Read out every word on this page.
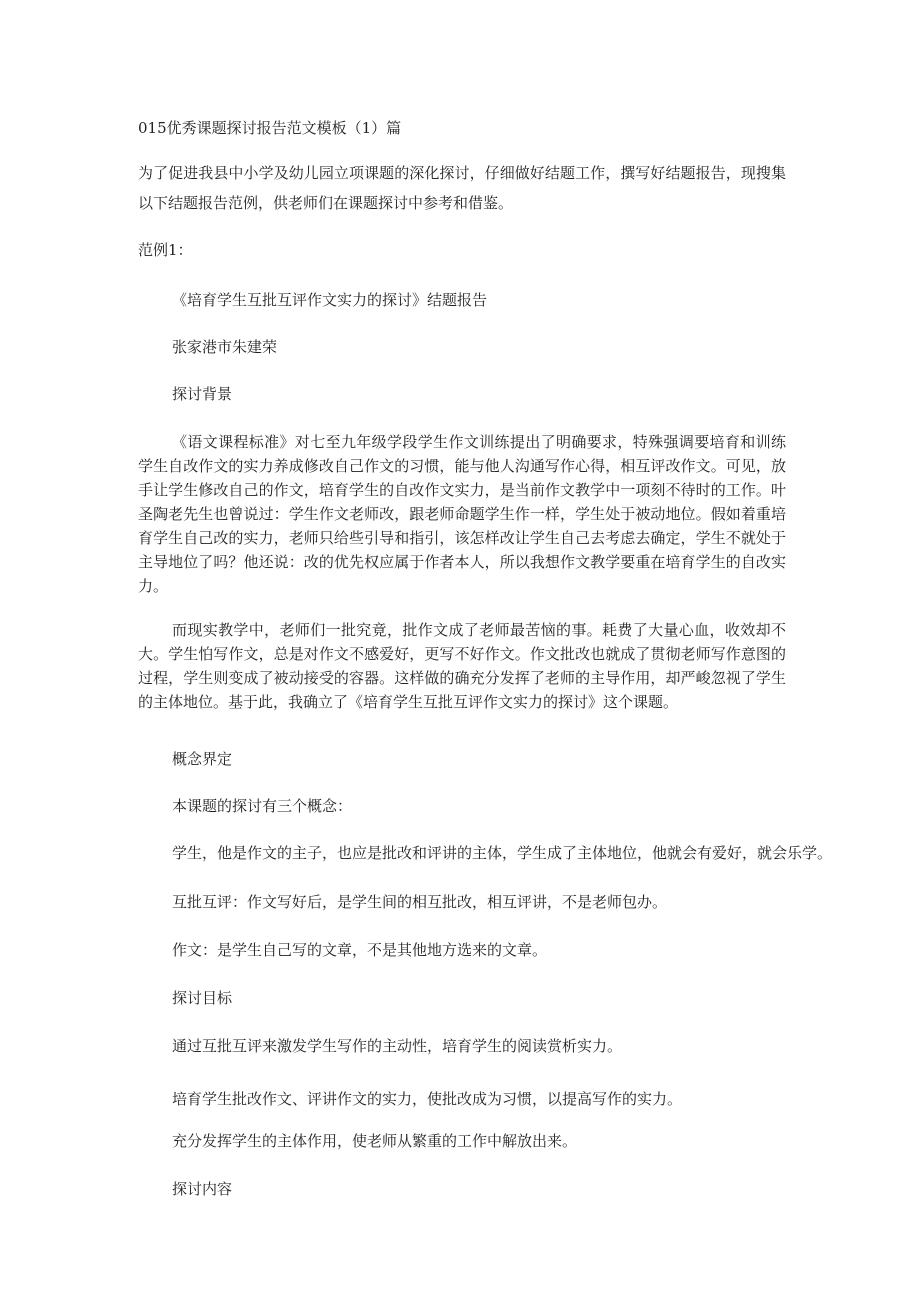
015优秀课题探讨报告范文模板（1）篇
为了促进我县中小学及幼儿园立项课题的深化探讨，仔细做好结题工作，撰写好结题报告，现搜集以下结题报告范例，供老师们在课题探讨中参考和借鉴。
范例1：
《培育学生互批互评作文实力的探讨》结题报告
张家港市朱建荣
探讨背景
《语文课程标准》对七至九年级学段学生作文训练提出了明确要求，特殊强调要培育和训练学生自改作文的实力养成修改自己作文的习惯，能与他人沟通写作心得，相互评改作文。可见，放手让学生修改自己的作文，培育学生的自改作文实力，是当前作文教学中一项刻不待时的工作。叶圣陶老先生也曾说过：学生作文老师改，跟老师命题学生作一样，学生处于被动地位。假如着重培育学生自己改的实力，老师只给些引导和指引，该怎样改让学生自己去考虑去确定，学生不就处于主导地位了吗？他还说：改的优先权应属于作者本人，所以我想作文教学要重在培育学生的自改实力。
而现实教学中，老师们一批究竟，批作文成了老师最苦恼的事。耗费了大量心血，收效却不大。学生怕写作文，总是对作文不感爱好，更写不好作文。作文批改也就成了贯彻老师写作意图的过程，学生则变成了被动接受的容器。这样做的确充分发挥了老师的主导作用，却严峻忽视了学生的主体地位。基于此，我确立了《培育学生互批互评作文实力的探讨》这个课题。
概念界定
本课题的探讨有三个概念：
学生，他是作文的主子，也应是批改和评讲的主体，学生成了主体地位，他就会有爱好，就会乐学。
互批互评：作文写好后，是学生间的相互批改，相互评讲，不是老师包办。
作文：是学生自己写的文章，不是其他地方选来的文章。
探讨目标
通过互批互评来激发学生写作的主动性，培育学生的阅读赏析实力。
培育学生批改作文、评讲作文的实力，使批改成为习惯，以提高写作的实力。
充分发挥学生的主体作用，使老师从繁重的工作中解放出来。
探讨内容
